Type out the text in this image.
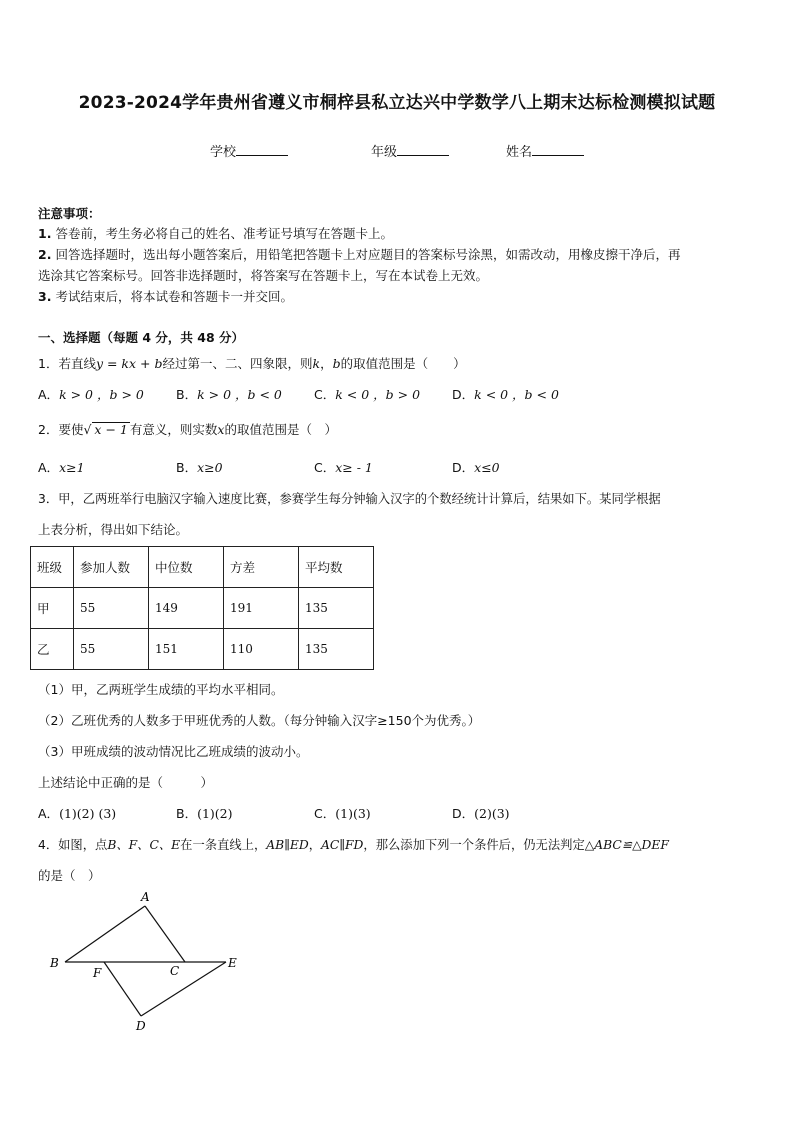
2023-2024学年贵州省遵义市桐梓县私立达兴中学数学八上期末达标检测模拟试题
学校	年级	姓名
注意事项：
1. 答卷前，考生务必将自己的姓名、准考证号填写在答题卡上。
2. 回答选择题时，选出每小题答案后，用铅笔把答题卡上对应题目的答案标号涂黑，如需改动，用橡皮擦干净后，再
选涂其它答案标号。回答非选择题时，将答案写在答题卡上，写在本试卷上无效。
3. 考试结束后，将本试卷和答题卡一并交回。
一、选择题（每题 4 分，共 48 分）
1．若直线y = kx + b经过第一、二、四象限，则k，b的取值范围是（　　）
A．k > 0 ，b > 0	B．k > 0 ，b < 0	C．k < 0 ，b > 0	D．k < 0 ，b < 0
2．要使√ x − 1 有意义，则实数x的取值范围是（　）
A．x≥1	B．x≥0	C．x≥ - 1	D．x≤0
3．甲，乙两班举行电脑汉字输入速度比赛，参赛学生每分钟输入汉字的个数经统计计算后，结果如下。某同学根据
上表分析，得出如下结论。
班级	参加人数	中位数	方差	平均数
甲	55	149	191	135
乙	55	151	110	135
（1）甲，乙两班学生成绩的平均水平相同。
（2）乙班优秀的人数多于甲班优秀的人数。（每分钟输入汉字≥150个为优秀。）
（3）甲班成绩的波动情况比乙班成绩的波动小。
上述结论中正确的是（　　　）
A．(1)(2) (3)	B．(1)(2)	C．(1)(3)	D．(2)(3)
4．如图，点B、F、C、E在一条直线上，AB∥ED，AC∥FD，那么添加下列一个条件后，仍无法判定△ABC≌△DEF
的是（　）
A
B
C
D
E
F
